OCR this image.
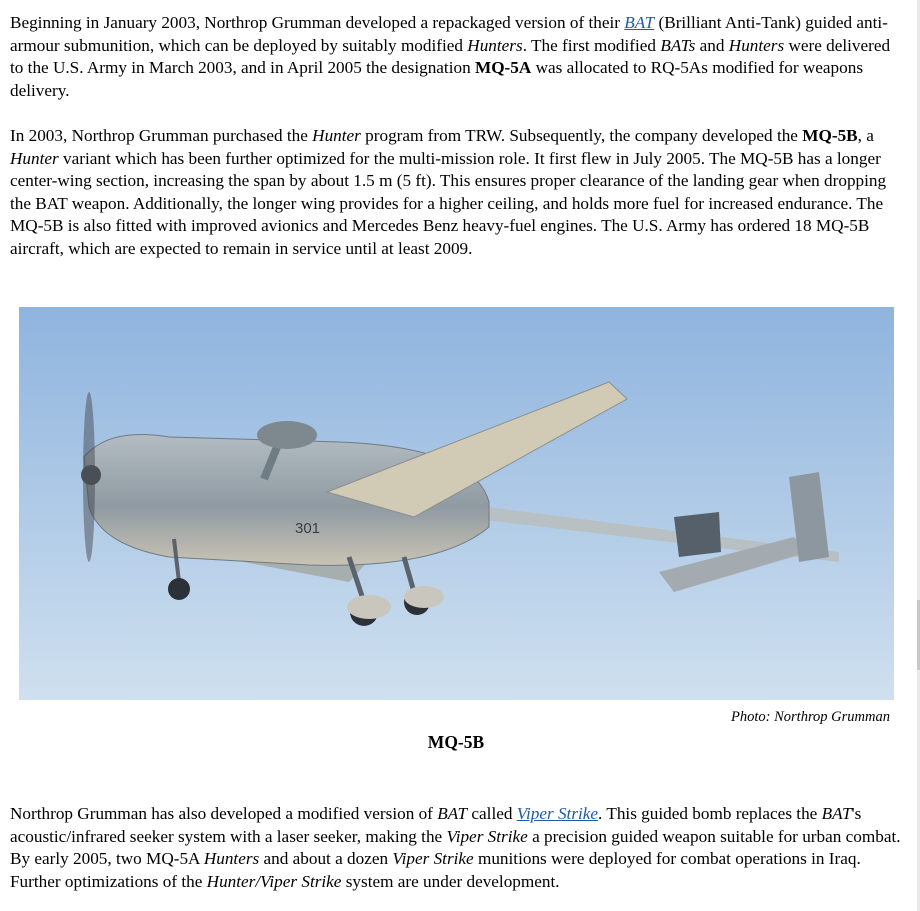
Beginning in January 2003, Northrop Grumman developed a repackaged version of their BAT (Brilliant Anti-Tank) guided anti-armour submunition, which can be deployed by suitably modified Hunters. The first modified BATs and Hunters were delivered to the U.S. Army in March 2003, and in April 2005 the designation MQ-5A was allocated to RQ-5As modified for weapons delivery.

In 2003, Northrop Grumman purchased the Hunter program from TRW. Subsequently, the company developed the MQ-5B, a Hunter variant which has been further optimized for the multi-mission role. It first flew in July 2005. The MQ-5B has a longer center-wing section, increasing the span by about 1.5 m (5 ft). This ensures proper clearance of the landing gear when dropping the BAT weapon. Additionally, the longer wing provides for a higher ceiling, and holds more fuel for increased endurance. The MQ-5B is also fitted with improved avionics and Mercedes Benz heavy-fuel engines. The U.S. Army has ordered 18 MQ-5B aircraft, which are expected to remain in service until at least 2009.

301
Photo: Northrop Grumman
MQ-5B

Northrop Grumman has also developed a modified version of BAT called Viper Strike. This guided bomb replaces the BAT's acoustic/infrared seeker system with a laser seeker, making the Viper Strike a precision guided weapon suitable for urban combat. By early 2005, two MQ-5A Hunters and about a dozen Viper Strike munitions were deployed for combat operations in Iraq. Further optimizations of the Hunter/Viper Strike system are under development.
